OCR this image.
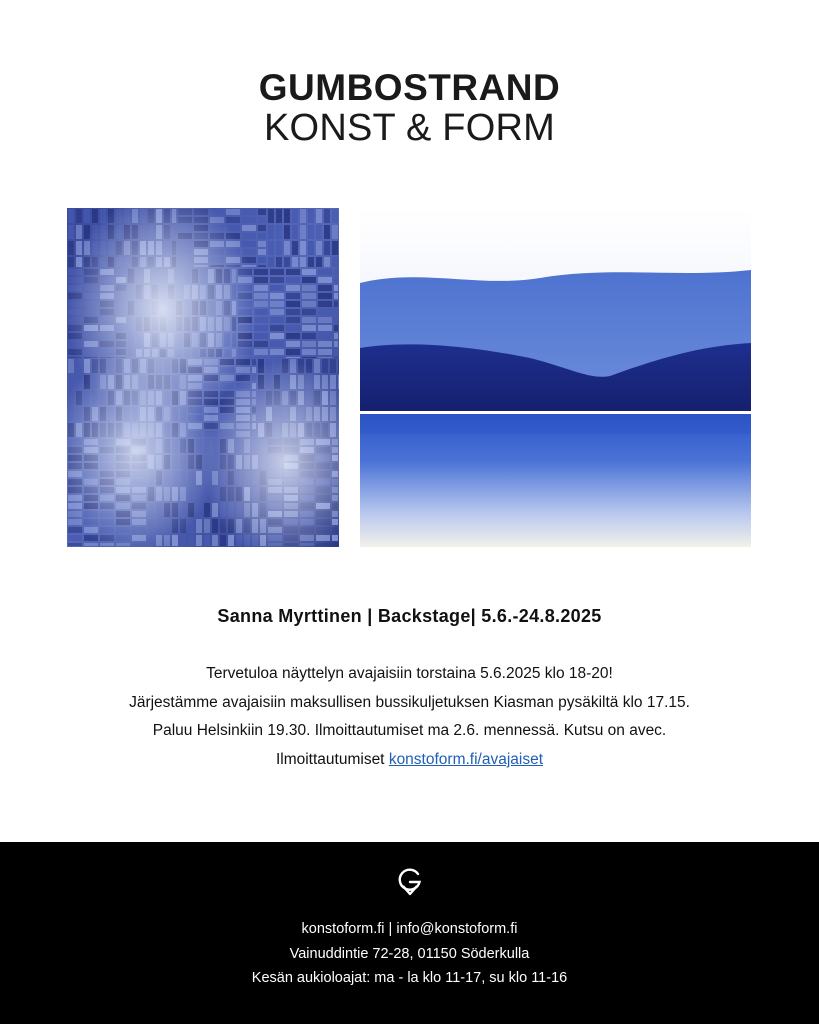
GUMBOSTRAND
KONST & FORM
Sanna Myrttinen | Backstage| 5.6.-24.8.2025

Tervetuloa näyttelyn avajaisiin torstaina 5.6.2025 klo 18-20!

Järjestämme avajaisiin maksullisen bussikuljetuksen Kiasman pysäkiltä klo 17.15.

Paluu Helsinkiin 19.30. Ilmoittautumiset ma 2.6. mennessä. Kutsu on avec.

Ilmoittautumiset konstoform.fi/avajaiset

konstoform.fi | info@konstoform.fi

Vainuddintie 72-28, 01150 Söderkulla

Kesän aukioloajat: ma - la klo 11-17, su klo 11-16
